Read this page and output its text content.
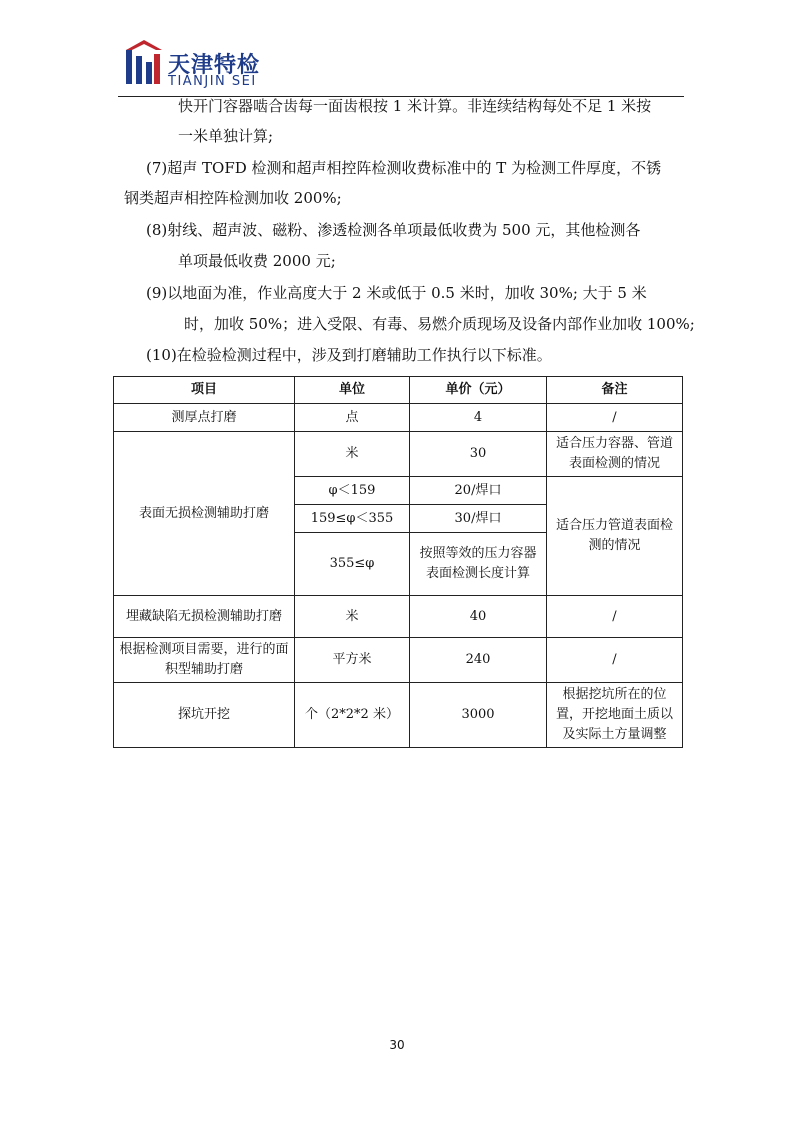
天津特检
TIANJIN SEI
快开门容器啮合齿每一面齿根按 1 米计算。非连续结构每处不足 1 米按
一米单独计算;
(7)超声 TOFD 检测和超声相控阵检测收费标准中的 T 为检测工件厚度，不锈
钢类超声相控阵检测加收 200%;
(8)射线、超声波、磁粉、渗透检测各单项最低收费为 500 元，其他检测各
单项最低收费 2000 元;
(9)以地面为准，作业高度大于 2 米或低于 0.5 米时，加收 30%; 大于 5 米
时，加收 50%；进入受限、有毒、易燃介质现场及设备内部作业加收 100%;
(10)在检验检测过程中，涉及到打磨辅助工作执行以下标准。
项目	单位	单价（元）	备注
测厚点打磨	点	4	/
表面无损检测辅助打磨	米	30	适合压力容器、管道表面检测的情况
	φ＜159	20/焊口	适合压力管道表面检测的情况
	159≤φ＜355	30/焊口	
	355≤φ	按照等效的压力容器表面检测长度计算	
埋藏缺陷无损检测辅助打磨	米	40	/
根据检测项目需要，进行的面积型辅助打磨	平方米	240	/
探坑开挖	个（2*2*2 米）	3000	根据挖坑所在的位置，开挖地面土质以及实际土方量调整
30
